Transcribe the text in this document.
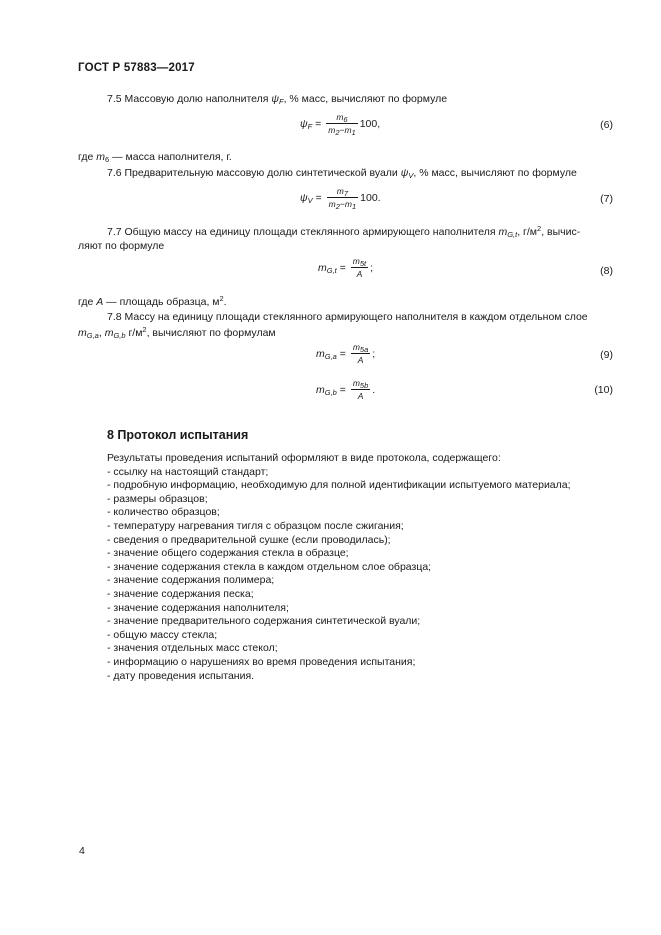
ГОСТ Р 57883—2017
7.5 Массовую долю наполнителя $\psi_F$, % масс, вычисляют по формуле
$\psi_F = \frac{m_6}{m_2-m_1} 100$,	(6)
где $m_6$ — масса наполнителя, г.
7.6 Предварительную массовую долю синтетической вуали $\psi_V$, % масс, вычисляют по формуле
$\psi_V = \frac{m_7}{m_2-m_1} 100$.	(7)
7.7 Общую массу на единицу площади стеклянного армирующего наполнителя $m_{G,t}$, $г/м^2$, вычис-
ляют по формуле
$m_{G,t} = \frac{m_{5t}}{A}$ ;	(8)
где A — площадь образца, $м^2$.
7.8 Массу на единицу площади стеклянного армирующего наполнителя в каждом отдельном слое
$m_{G,a}$, $m_{G,b}$ $г/м^2$, вычисляют по формулам
$m_{G,a} = \frac{m_{5a}}{A}$ ;	(9)
$m_{G,b} = \frac{m_{5b}}{A}$ .	(10)
8 Протокол испытания
Результаты проведения испытаний оформляют в виде протокола, содержащего:
- ссылку на настоящий стандарт;
- подробную информацию, необходимую для полной идентификации испытуемого материала;
- размеры образцов;
- количество образцов;
- температуру нагревания тигля с образцом после сжигания;
- сведения о предварительной сушке (если проводилась);
- значение общего содержания стекла в образце;
- значение содержания стекла в каждом отдельном слое образца;
- значение содержания полимера;
- значение содержания песка;
- значение содержания наполнителя;
- значение предварительного содержания синтетической вуали;
- общую массу стекла;
- значения отдельных масс стекол;
- информацию о нарушениях во время проведения испытания;
- дату проведения испытания.
4
